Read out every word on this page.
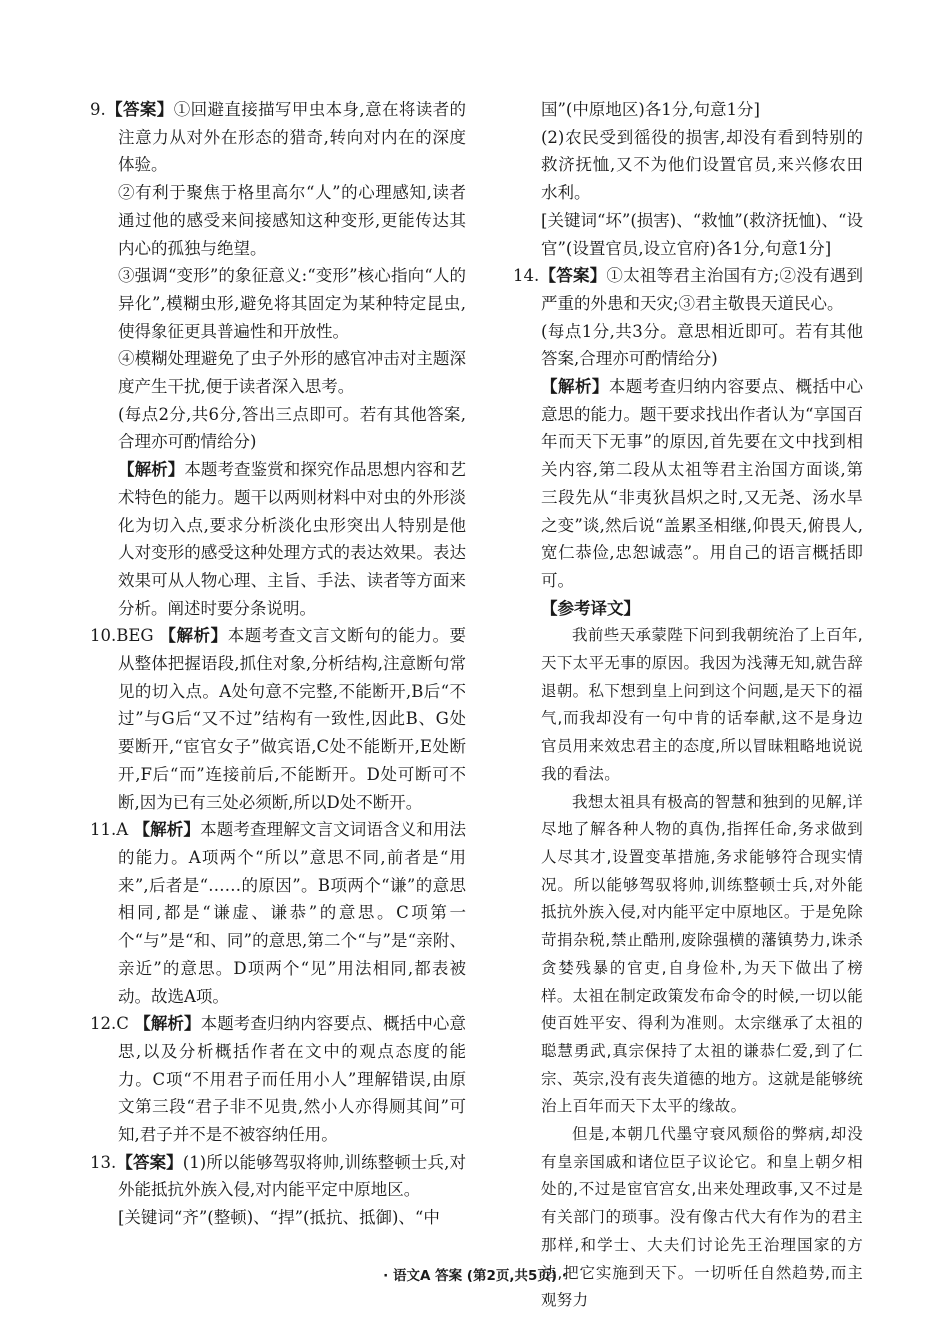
9.【答案】①回避直接描写甲虫本身,意在将读者的注意力从对外在形态的猎奇,转向对内在的深度体验。

②有利于聚焦于格里高尔“人”的心理感知,读者通过他的感受来间接感知这种变形,更能传达其内心的孤独与绝望。

③强调“变形”的象征意义:“变形”核心指向“人的异化”,模糊虫形,避免将其固定为某种特定昆虫,使得象征更具普遍性和开放性。

④模糊处理避免了虫子外形的感官冲击对主题深度产生干扰,便于读者深入思考。

(每点2分,共6分,答出三点即可。若有其他答案,合理亦可酌情给分)

【解析】本题考查鉴赏和探究作品思想内容和艺术特色的能力。题干以两则材料中对虫的外形淡化为切入点,要求分析淡化虫形突出人特别是他人对变形的感受这种处理方式的表达效果。表达效果可从人物心理、主旨、手法、读者等方面来分析。阐述时要分条说明。

10.BEG 【解析】本题考查文言文断句的能力。要从整体把握语段,抓住对象,分析结构,注意断句常见的切入点。A处句意不完整,不能断开,B后“不过”与G后“又不过”结构有一致性,因此B、G处要断开,“宦官女子”做宾语,C处不能断开,E处断开,F后“而”连接前后,不能断开。D处可断可不断,因为已有三处必须断,所以D处不断开。

11.A 【解析】本题考查理解文言文词语含义和用法的能力。A项两个“所以”意思不同,前者是“用来”,后者是“……的原因”。B项两个“谦”的意思相同,都是“谦虚、谦恭”的意思。C项第一个“与”是“和、同”的意思,第二个“与”是“亲附、亲近”的意思。D项两个“见”用法相同,都表被动。故选A项。

12.C 【解析】本题考查归纳内容要点、概括中心意思,以及分析概括作者在文中的观点态度的能力。C项“不用君子而任用小人”理解错误,由原文第三段“君子非不见贵,然小人亦得厕其间”可知,君子并不是不被容纳任用。

13.【答案】(1)所以能够驾驭将帅,训练整顿士兵,对外能抵抗外族入侵,对内能平定中原地区。

[关键词“齐”(整顿)、“捍”(抵抗、抵御)、“中

国”(中原地区)各1分,句意1分]

(2)农民受到徭役的损害,却没有看到特别的救济抚恤,又不为他们设置官员,来兴修农田水利。

[关键词“坏”(损害)、“救恤”(救济抚恤)、“设官”(设置官员,设立官府)各1分,句意1分]

14.【答案】①太祖等君主治国有方;②没有遇到严重的外患和天灾;③君主敬畏天道民心。

(每点1分,共3分。意思相近即可。若有其他答案,合理亦可酌情给分)

【解析】本题考查归纳内容要点、概括中心意思的能力。题干要求找出作者认为“享国百年而天下无事”的原因,首先要在文中找到相关内容,第二段从太祖等君主治国方面谈,第三段先从“非夷狄昌炽之时,又无尧、汤水旱之变”谈,然后说“盖累圣相继,仰畏天,俯畏人,宽仁恭俭,忠恕诚悫”。用自己的语言概括即可。

【参考译文】

我前些天承蒙陛下问到我朝统治了上百年,天下太平无事的原因。我因为浅薄无知,就告辞退朝。私下想到皇上问到这个问题,是天下的福气,而我却没有一句中肯的话奉献,这不是身边官员用来效忠君主的态度,所以冒昧粗略地说说我的看法。

我想太祖具有极高的智慧和独到的见解,详尽地了解各种人物的真伪,指挥任命,务求做到人尽其才,设置变革措施,务求能够符合现实情况。所以能够驾驭将帅,训练整顿士兵,对外能抵抗外族入侵,对内能平定中原地区。于是免除苛捐杂税,禁止酷刑,废除强横的藩镇势力,诛杀贪婪残暴的官吏,自身俭朴,为天下做出了榜样。太祖在制定政策发布命令的时候,一切以能使百姓平安、得利为准则。太宗继承了太祖的聪慧勇武,真宗保持了太祖的谦恭仁爱,到了仁宗、英宗,没有丧失道德的地方。这就是能够统治上百年而天下太平的缘故。

但是,本朝几代墨守衰风颓俗的弊病,却没有皇亲国戚和诸位臣子议论它。和皇上朝夕相处的,不过是宦官宫女,出来处理政事,又不过是有关部门的琐事。没有像古代大有作为的君主那样,和学士、大夫们讨论先王治理国家的方法,把它实施到天下。一切听任自然趋势,而主观努力

· 语文A 答案 (第2页,共5页) ·
